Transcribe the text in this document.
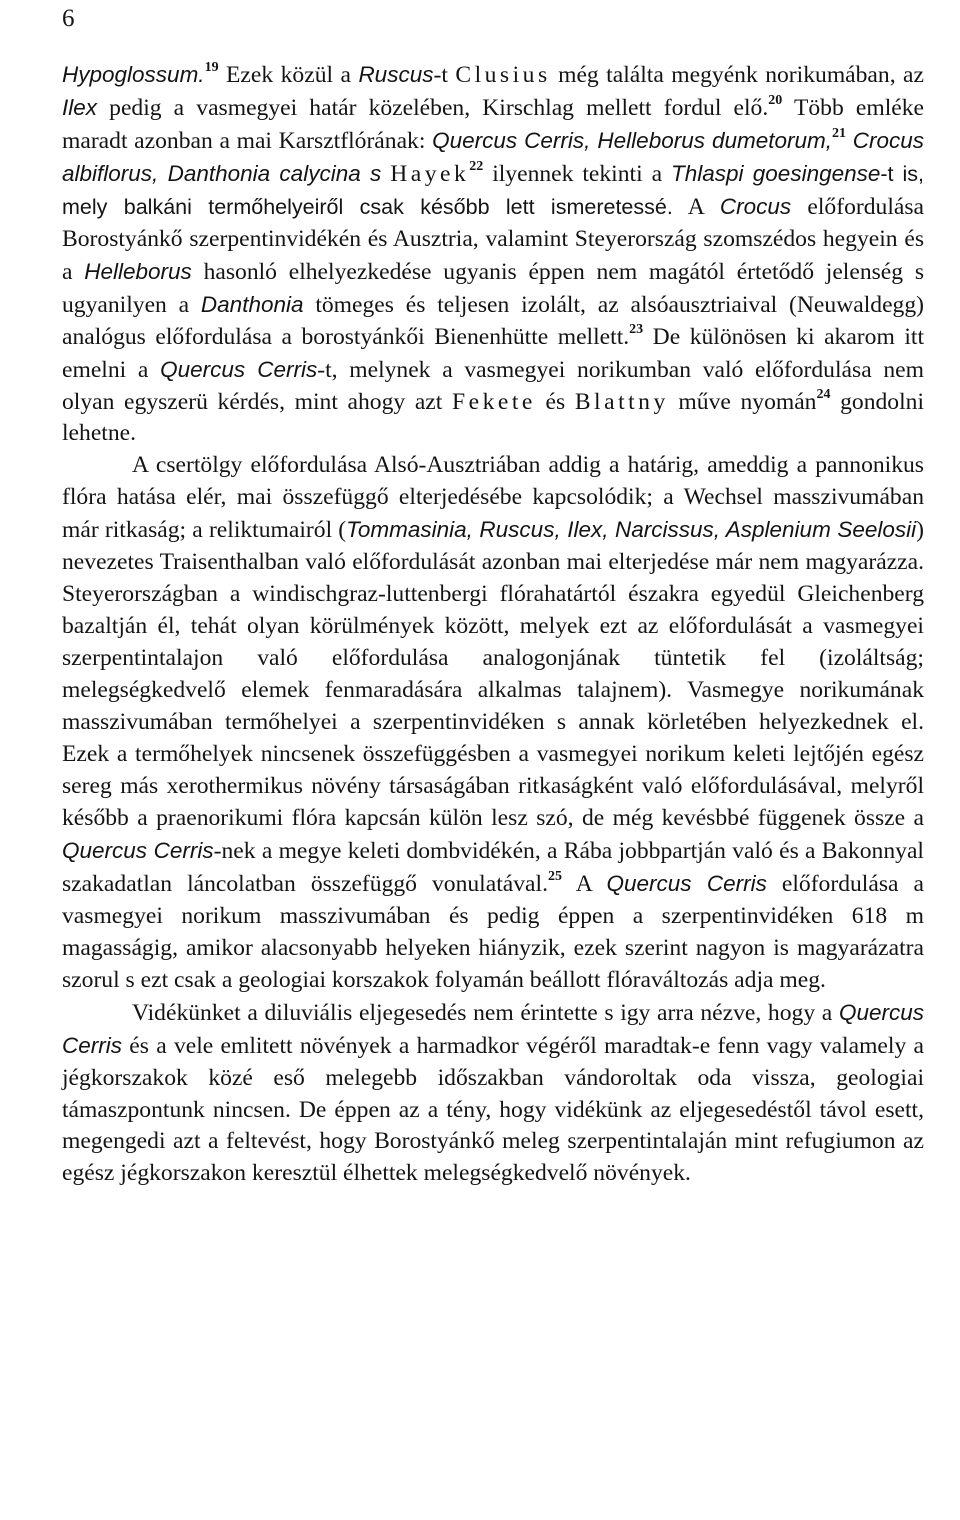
6

Hypoglossum.$^{19}$ Ezek közül a Ruscus-t Clusius még találta megyénk norikumában, az Ilex pedig a vasmegyei határ közelében, Kirschlag mellett fordul elő.$^{20}$ Több emléke maradt azonban a mai Karsztflórának: Quercus Cerris, Helleborus dumetorum,$^{21}$ Crocus albiflorus, Danthonia calycina s Hayek$^{22}$ ilyennek tekinti a Thlaspi goesingense-t is, mely balkáni termőhelyeiről csak később lett ismeretessé. A Crocus előfordulása Borostyánkő szerpentinvidékén és Ausztria, valamint Steyerország szomszédos hegyein és a Helleborus hasonló elhelyezkedése ugyanis éppen nem magától értetődő jelenség s ugyanilyen a Danthonia tömeges és teljesen izolált, az alsóausztriaival (Neuwaldegg) analógus előfordulása a borostyánkői Bienenhütte mellett.$^{23}$ De különösen ki akarom itt emelni a Quercus Cerris-t, melynek a vasmegyei norikumban való előfordulása nem olyan egyszerü kérdés, mint ahogy azt Fekete és Blattny műve nyomán$^{24}$ gondolni lehetne.

A csertölgy előfordulása Alsó-Ausztriában addig a határig, ameddig a pannonikus flóra hatása elér, mai összefüggő elterjedésébe kapcsolódik; a Wechsel masszivumában már ritkaság; a reliktumairól (Tommasinia, Ruscus, Ilex, Narcissus, Asplenium Seelosii) nevezetes Traisenthalban való előfordulását azonban mai elterjedése már nem magyarázza. Steyerországban a windischgraz-luttenbergi flórahatártól északra egyedül Gleichenberg bazaltján él, tehát olyan körülmények között, melyek ezt az előfordulását a vasmegyei szerpentintalajon való előfordulása analogonjának tüntetik fel (izoláltság; melegségkedvelő elemek fenmaradására alkalmas talajnem). Vasmegye norikumának masszivumában termőhelyei a szerpentinvidéken s annak körletében helyezkednek el. Ezek a termőhelyek nincsenek összefüggésben a vasmegyei norikum keleti lejtőjén egész sereg más xerothermikus növény társaságában ritkaságként való előfordulásával, melyről később a praenorikumi flóra kapcsán külön lesz szó, de még kevésbbé függenek össze a Quercus Cerris-nek a megye keleti dombvidékén, a Rába jobbpartján való és a Bakonnyal szakadatlan láncolatban összefüggő vonulatával.$^{25}$ A Quercus Cerris előfordulása a vasmegyei norikum masszivumában és pedig éppen a szerpentinvidéken 618 m magasságig, amikor alacsonyabb helyeken hiányzik, ezek szerint nagyon is magyarázatra szorul s ezt csak a geologiai korszakok folyamán beállott flóraváltozás adja meg.

Vidékünket a diluviális eljegesedés nem érintette s igy arra nézve, hogy a Quercus Cerris és a vele emlitett növények a harmadkor végéről maradtak-e fenn vagy valamely a jégkorszakok közé eső melegebb időszakban vándoroltak oda vissza, geologiai támaszpontunk nincsen. De éppen az a tény, hogy vidékünk az eljegesedéstől távol esett, megengedi azt a feltevést, hogy Borostyánkő meleg szerpentintalaján mint refugiumon az egész jégkorszakon keresztül élhettek melegségkedvelő növények.
